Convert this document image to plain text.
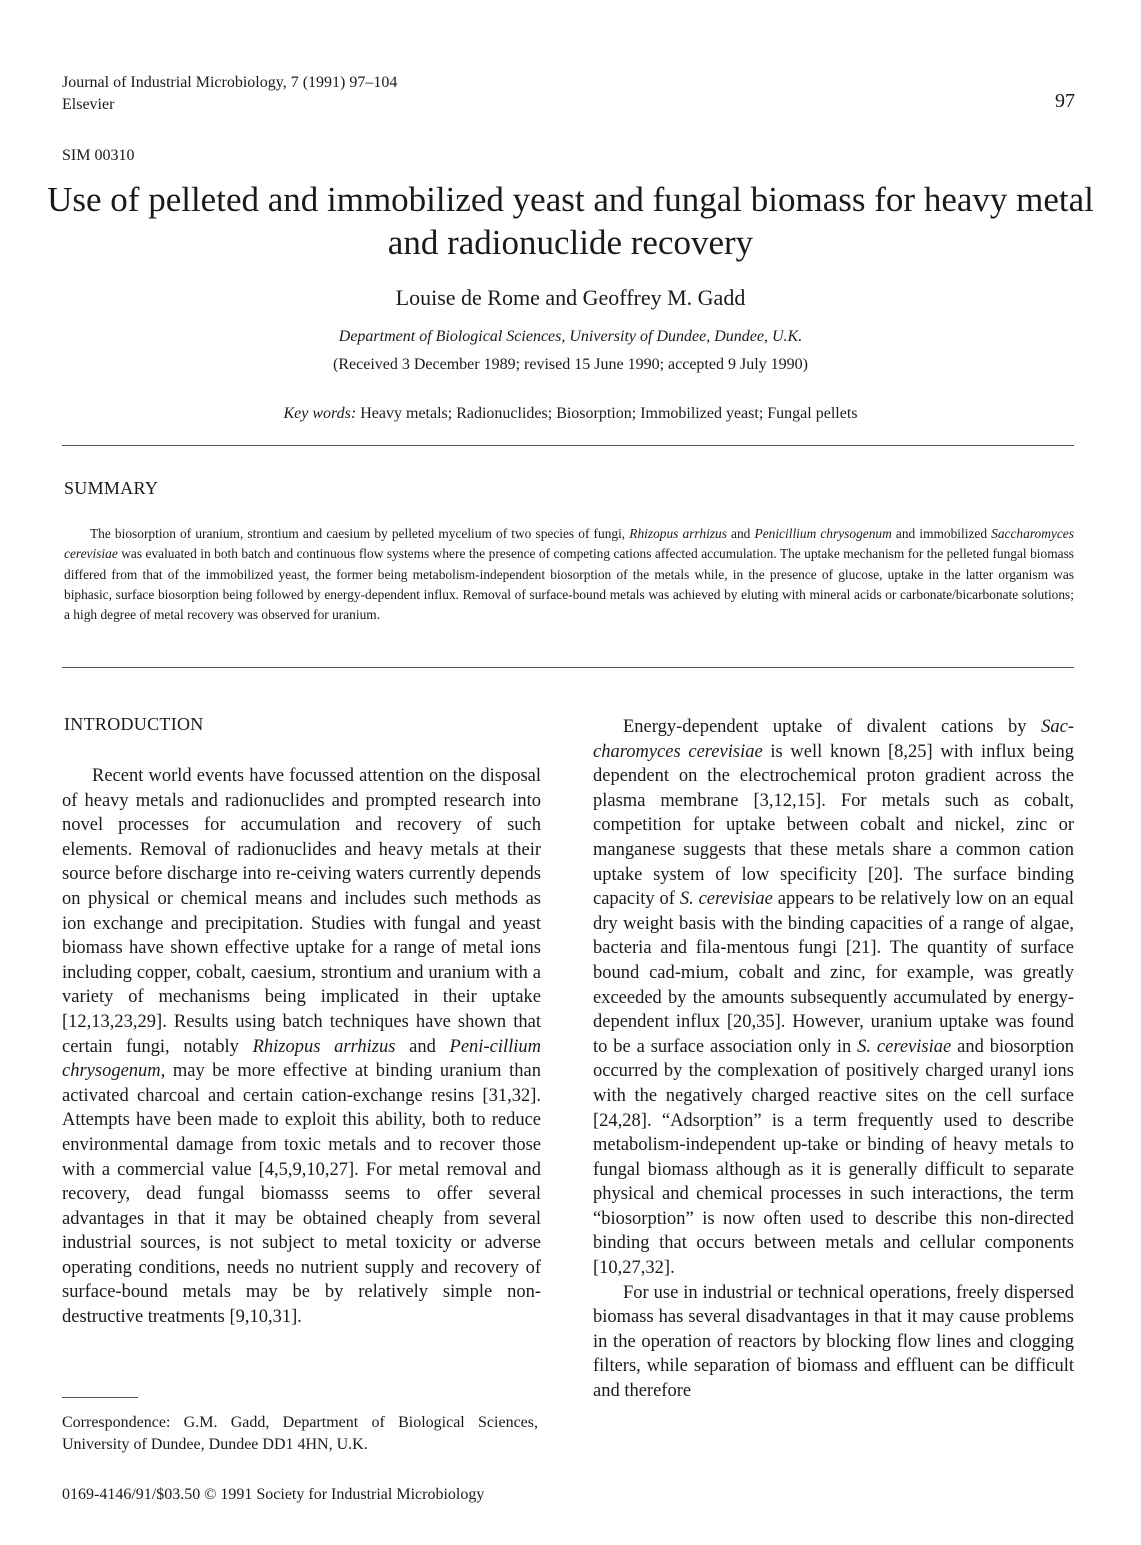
Journal of Industrial Microbiology, 7 (1991) 97–104
Elsevier	97
SIM 00310
Use of pelleted and immobilized yeast and fungal biomass for heavy metal and radionuclide recovery
Louise de Rome and Geoffrey M. Gadd
Department of Biological Sciences, University of Dundee, Dundee, U.K.
(Received 3 December 1989; revised 15 June 1990; accepted 9 July 1990)
Key words: Heavy metals; Radionuclides; Biosorption; Immobilized yeast; Fungal pellets
SUMMARY
The biosorption of uranium, strontium and caesium by pelleted mycelium of two species of fungi, Rhizopus arrhizus and Penicillium chrysogenum and immobilized Saccharomyces cerevisiae was evaluated in both batch and continuous flow systems where the presence of competing cations affected accumulation. The uptake mechanism for the pelleted fungal biomass differed from that of the immobilized yeast, the former being metabolism-independent biosorption of the metals while, in the presence of glucose, uptake in the latter organism was biphasic, surface biosorption being followed by energy-dependent influx. Removal of surface-bound metals was achieved by eluting with mineral acids or carbonate/bicarbonate solutions; a high degree of metal recovery was observed for uranium.
INTRODUCTION

Recent world events have focussed attention on the disposal of heavy metals and radionuclides and prompted research into novel processes for accumulation and recovery of such elements. Removal of radionuclides and heavy metals at their source before discharge into re-ceiving waters currently depends on physical or chemical means and includes such methods as ion exchange and precipitation. Studies with fungal and yeast biomass have shown effective uptake for a range of metal ions including copper, cobalt, caesium, strontium and uranium with a variety of mechanisms being implicated in their uptake [12,13,23,29]. Results using batch techniques have shown that certain fungi, notably Rhizopus arrhizus and Peni-cillium chrysogenum, may be more effective at binding uranium than activated charcoal and certain cation-exchange resins [31,32]. Attempts have been made to exploit this ability, both to reduce environmental damage from toxic metals and to recover those with a commercial value [4,5,9,10,27]. For metal removal and recovery, dead fungal biomasss seems to offer several advantages in that it may be obtained cheaply from several industrial sources, is not subject to metal toxicity or adverse operating conditions, needs no nutrient supply and recovery of surface-bound metals may be by relatively simple non-destructive treatments [9,10,31].

Correspondence: G.M. Gadd, Department of Biological Sciences, University of Dundee, Dundee DD1 4HN, U.K.
0169-4146/91/$03.50 © 1991 Society for Industrial Microbiology

Energy-dependent uptake of divalent cations by Sac-charomyces cerevisiae is well known [8,25] with influx being dependent on the electrochemical proton gradient across the plasma membrane [3,12,15]. For metals such as cobalt, competition for uptake between cobalt and nickel, zinc or manganese suggests that these metals share a common cation uptake system of low specificity [20]. The surface binding capacity of S. cerevisiae appears to be relatively low on an equal dry weight basis with the binding capacities of a range of algae, bacteria and fila-mentous fungi [21]. The quantity of surface bound cad-mium, cobalt and zinc, for example, was greatly exceeded by the amounts subsequently accumulated by energy-dependent influx [20,35]. However, uranium uptake was found to be a surface association only in S. cerevisiae and biosorption occurred by the complexation of positively charged uranyl ions with the negatively charged reactive sites on the cell surface [24,28]. “Adsorption” is a term frequently used to describe metabolism-independent up-take or binding of heavy metals to fungal biomass although as it is generally difficult to separate physical and chemical processes in such interactions, the term “biosorption” is now often used to describe this non-directed binding that occurs between metals and cellular components [10,27,32].

For use in industrial or technical operations, freely dispersed biomass has several disadvantages in that it may cause problems in the operation of reactors by blocking flow lines and clogging filters, while separation of biomass and effluent can be difficult and therefore
